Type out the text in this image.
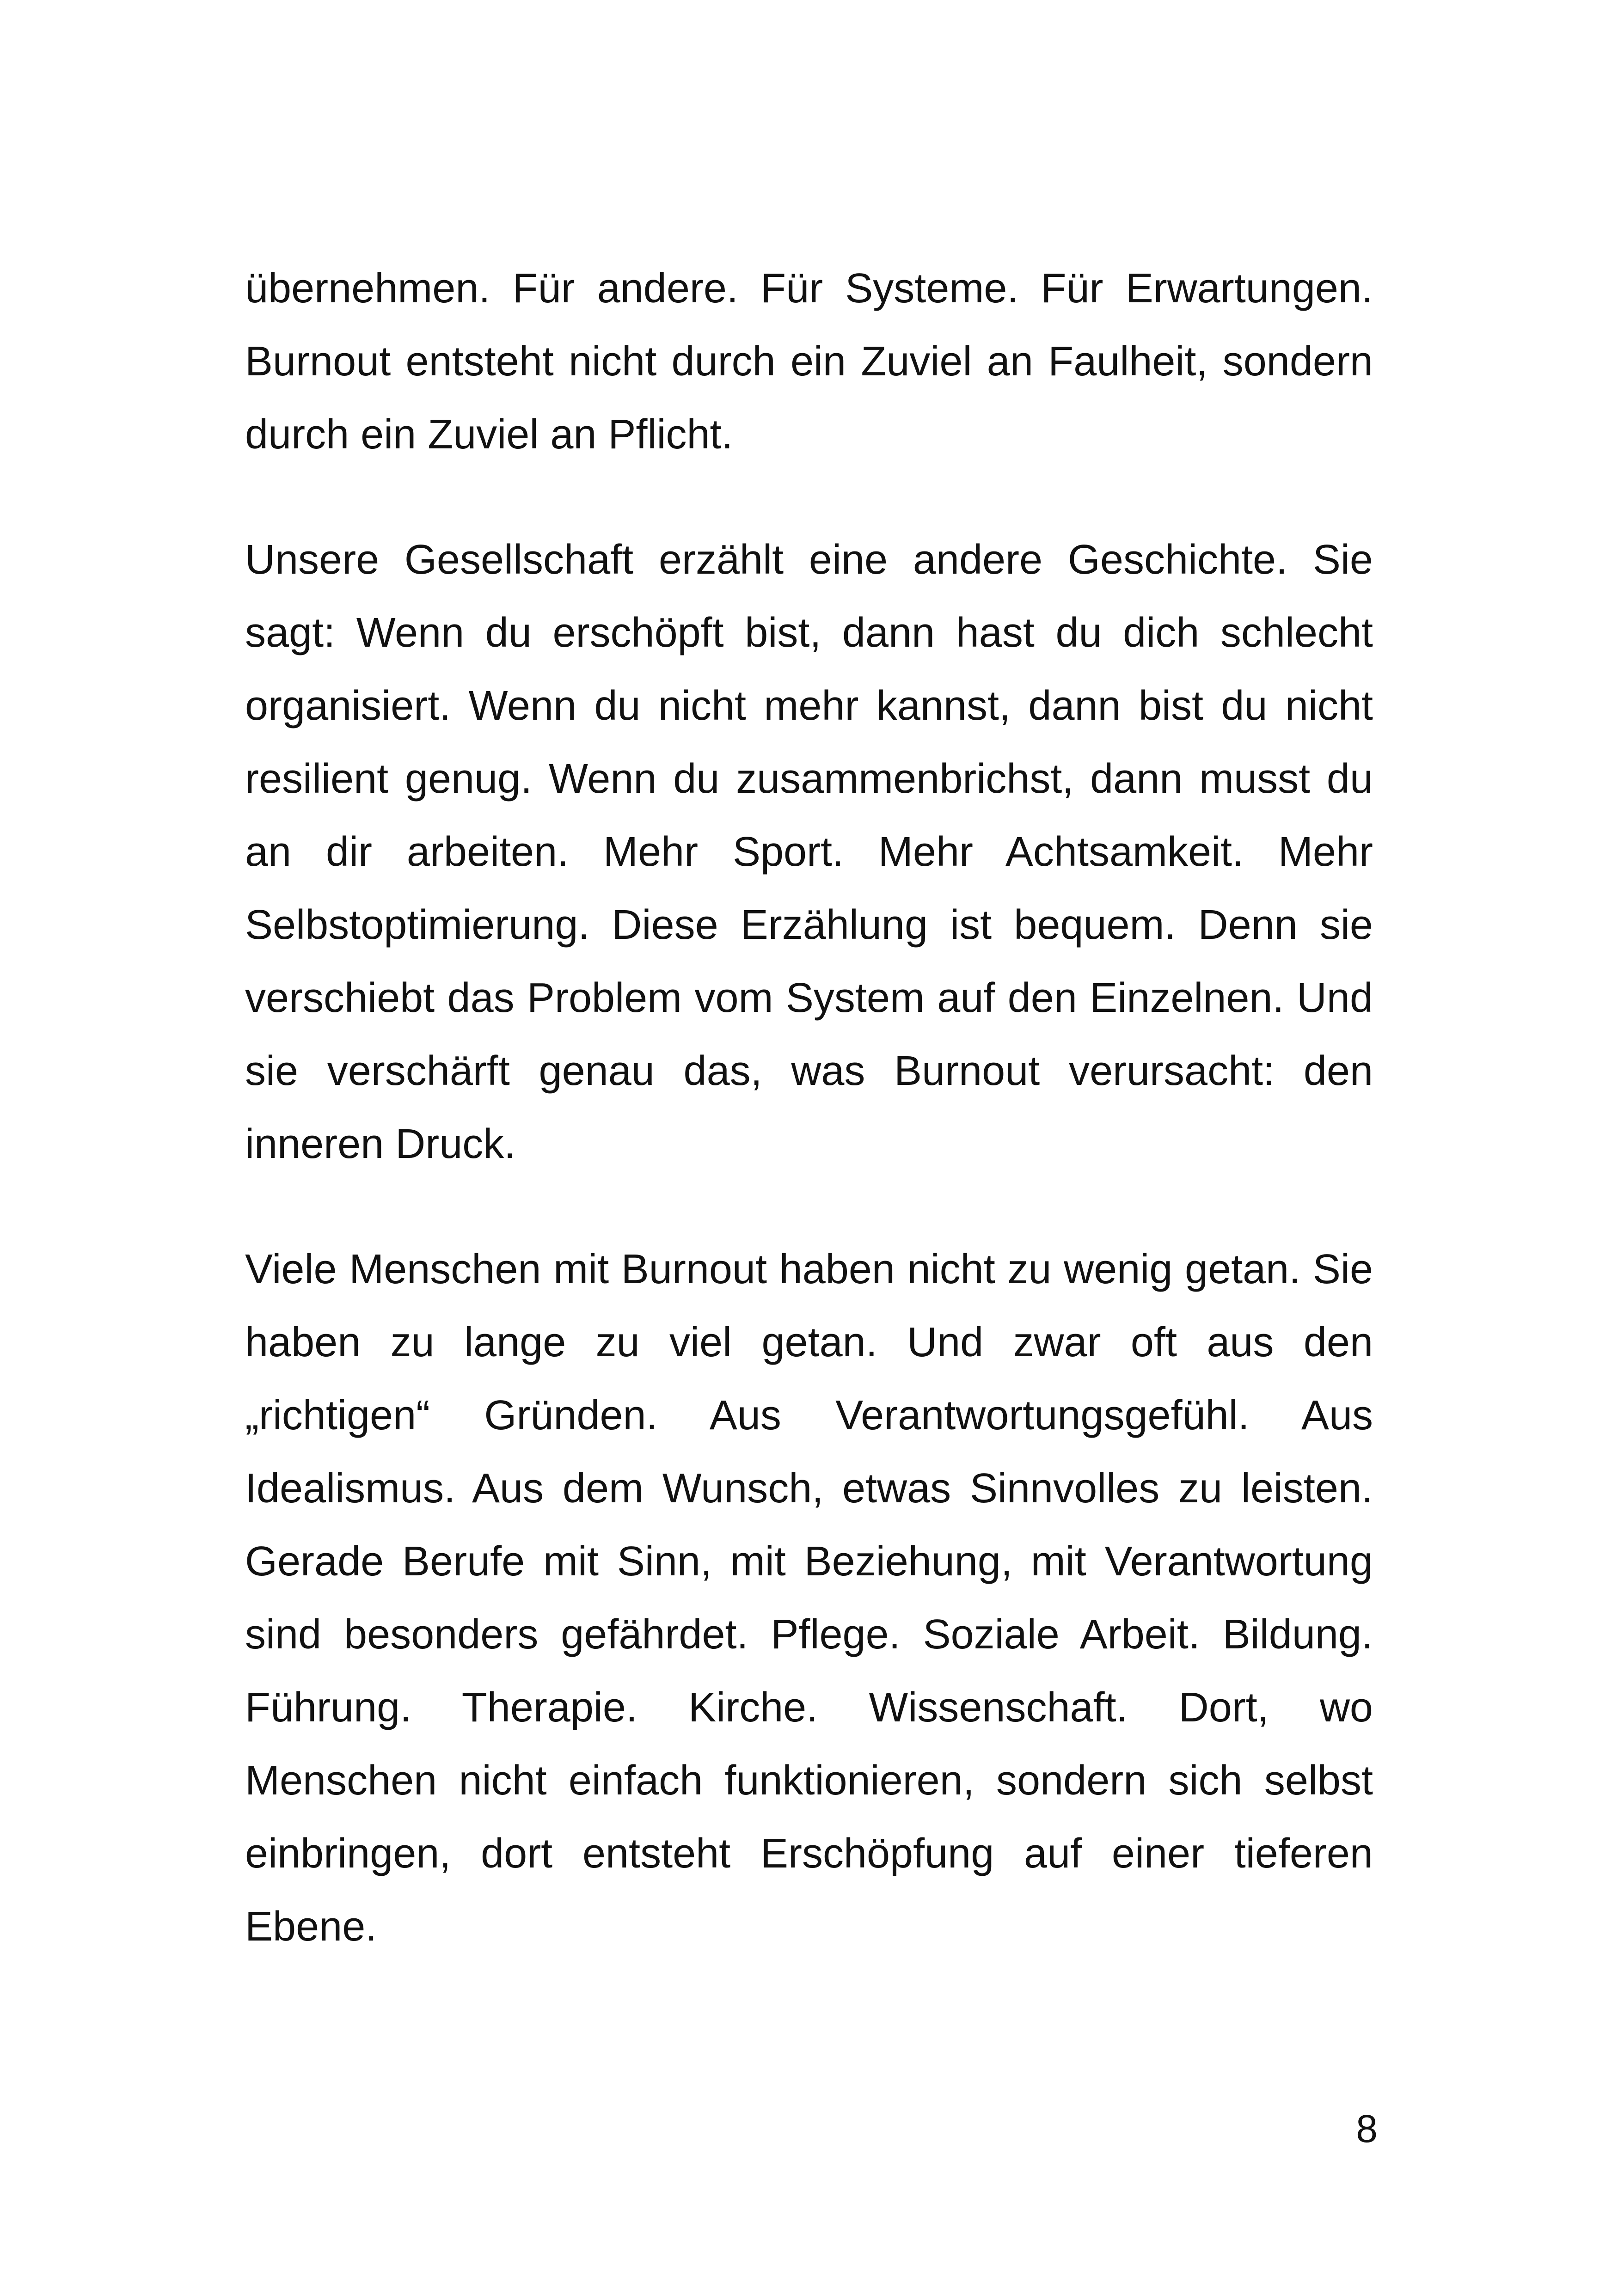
übernehmen. Für andere. Für Systeme. Für Erwartungen.
Burnout entsteht nicht durch ein Zuviel an Faulheit, sondern
durch ein Zuviel an Pflicht.

Unsere Gesellschaft erzählt eine andere Geschichte. Sie
sagt: Wenn du erschöpft bist, dann hast du dich schlecht
organisiert. Wenn du nicht mehr kannst, dann bist du nicht
resilient genug. Wenn du zusammenbrichst, dann musst du
an dir arbeiten. Mehr Sport. Mehr Achtsamkeit. Mehr
Selbstoptimierung. Diese Erzählung ist bequem. Denn sie
verschiebt das Problem vom System auf den Einzelnen. Und
sie verschärft genau das, was Burnout verursacht: den
inneren Druck.

Viele Menschen mit Burnout haben nicht zu wenig getan. Sie
haben zu lange zu viel getan. Und zwar oft aus den
„richtigen“ Gründen. Aus Verantwortungsgefühl. Aus
Idealismus. Aus dem Wunsch, etwas Sinnvolles zu leisten.
Gerade Berufe mit Sinn, mit Beziehung, mit Verantwortung
sind besonders gefährdet. Pflege. Soziale Arbeit. Bildung.
Führung. Therapie. Kirche. Wissenschaft. Dort, wo
Menschen nicht einfach funktionieren, sondern sich selbst
einbringen, dort entsteht Erschöpfung auf einer tieferen
Ebene.

8
